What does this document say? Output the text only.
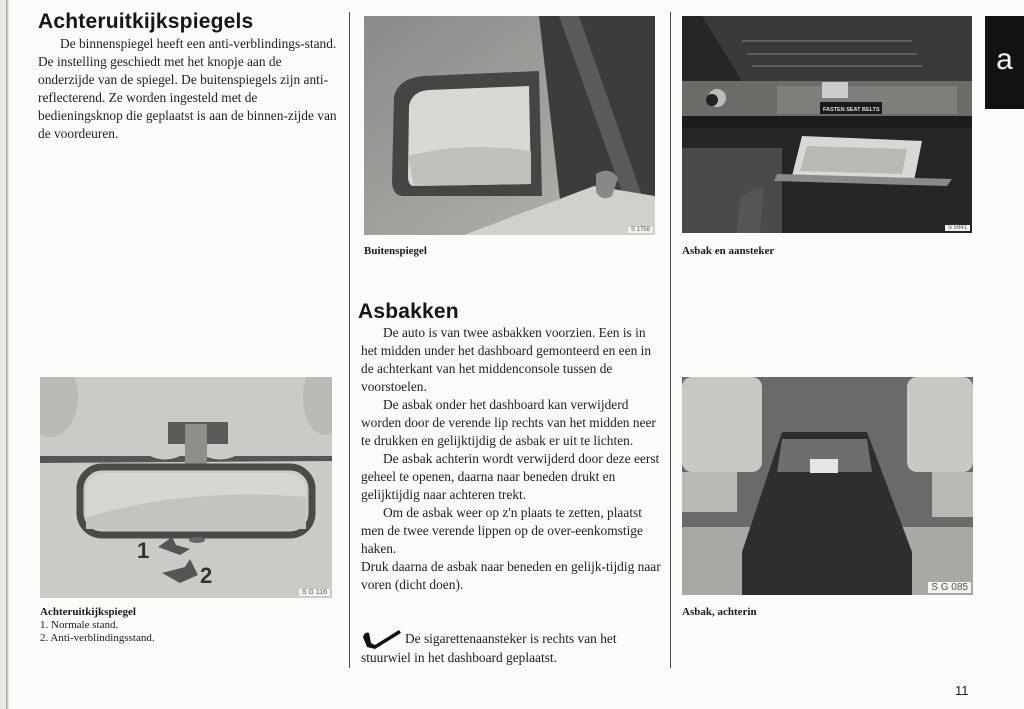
Achteruitkijkspiegels

De binnenspiegel heeft een anti-verblindings-stand. De instelling geschiedt met het knopje aan de onderzijde van de spiegel. De buitenspiegels zijn anti-reflecterend. Ze worden ingesteld met de bedieningsknop die geplaatst is aan de binnen-zijde van de voordeuren.

1
2
S G 116
Achteruitkijkspiegel
1. Normale stand.
2. Anti-verblindingsstand.
S 1758
Buitenspiegel
Asbakken

De auto is van twee asbakken voorzien. Een is in het midden under het dashboard gemonteerd en een in de achterkant van het middenconsole tussen de voorstoelen.

De asbak onder het dashboard kan verwijderd worden door de verende lip rechts van het midden neer te drukken en gelijktijdig de asbak er uit te lichten.

De asbak achterin wordt verwijderd door deze eerst geheel te openen, daarna naar beneden drukt en gelijktijdig naar achteren trekt.

Om de asbak weer op z'n plaats te zetten, plaatst men de twee verende lippen op de over-eenkomstige haken.

Druk daarna de asbak naar beneden en gelijk-tijdig naar voren (dicht doen).

De sigarettenaansteker is rechts van het stuurwiel in het dashboard geplaatst.
FASTEN SEAT BELTS
S 5941
Asbak en aansteker
S G 085
Asbak, achterin
a
11
